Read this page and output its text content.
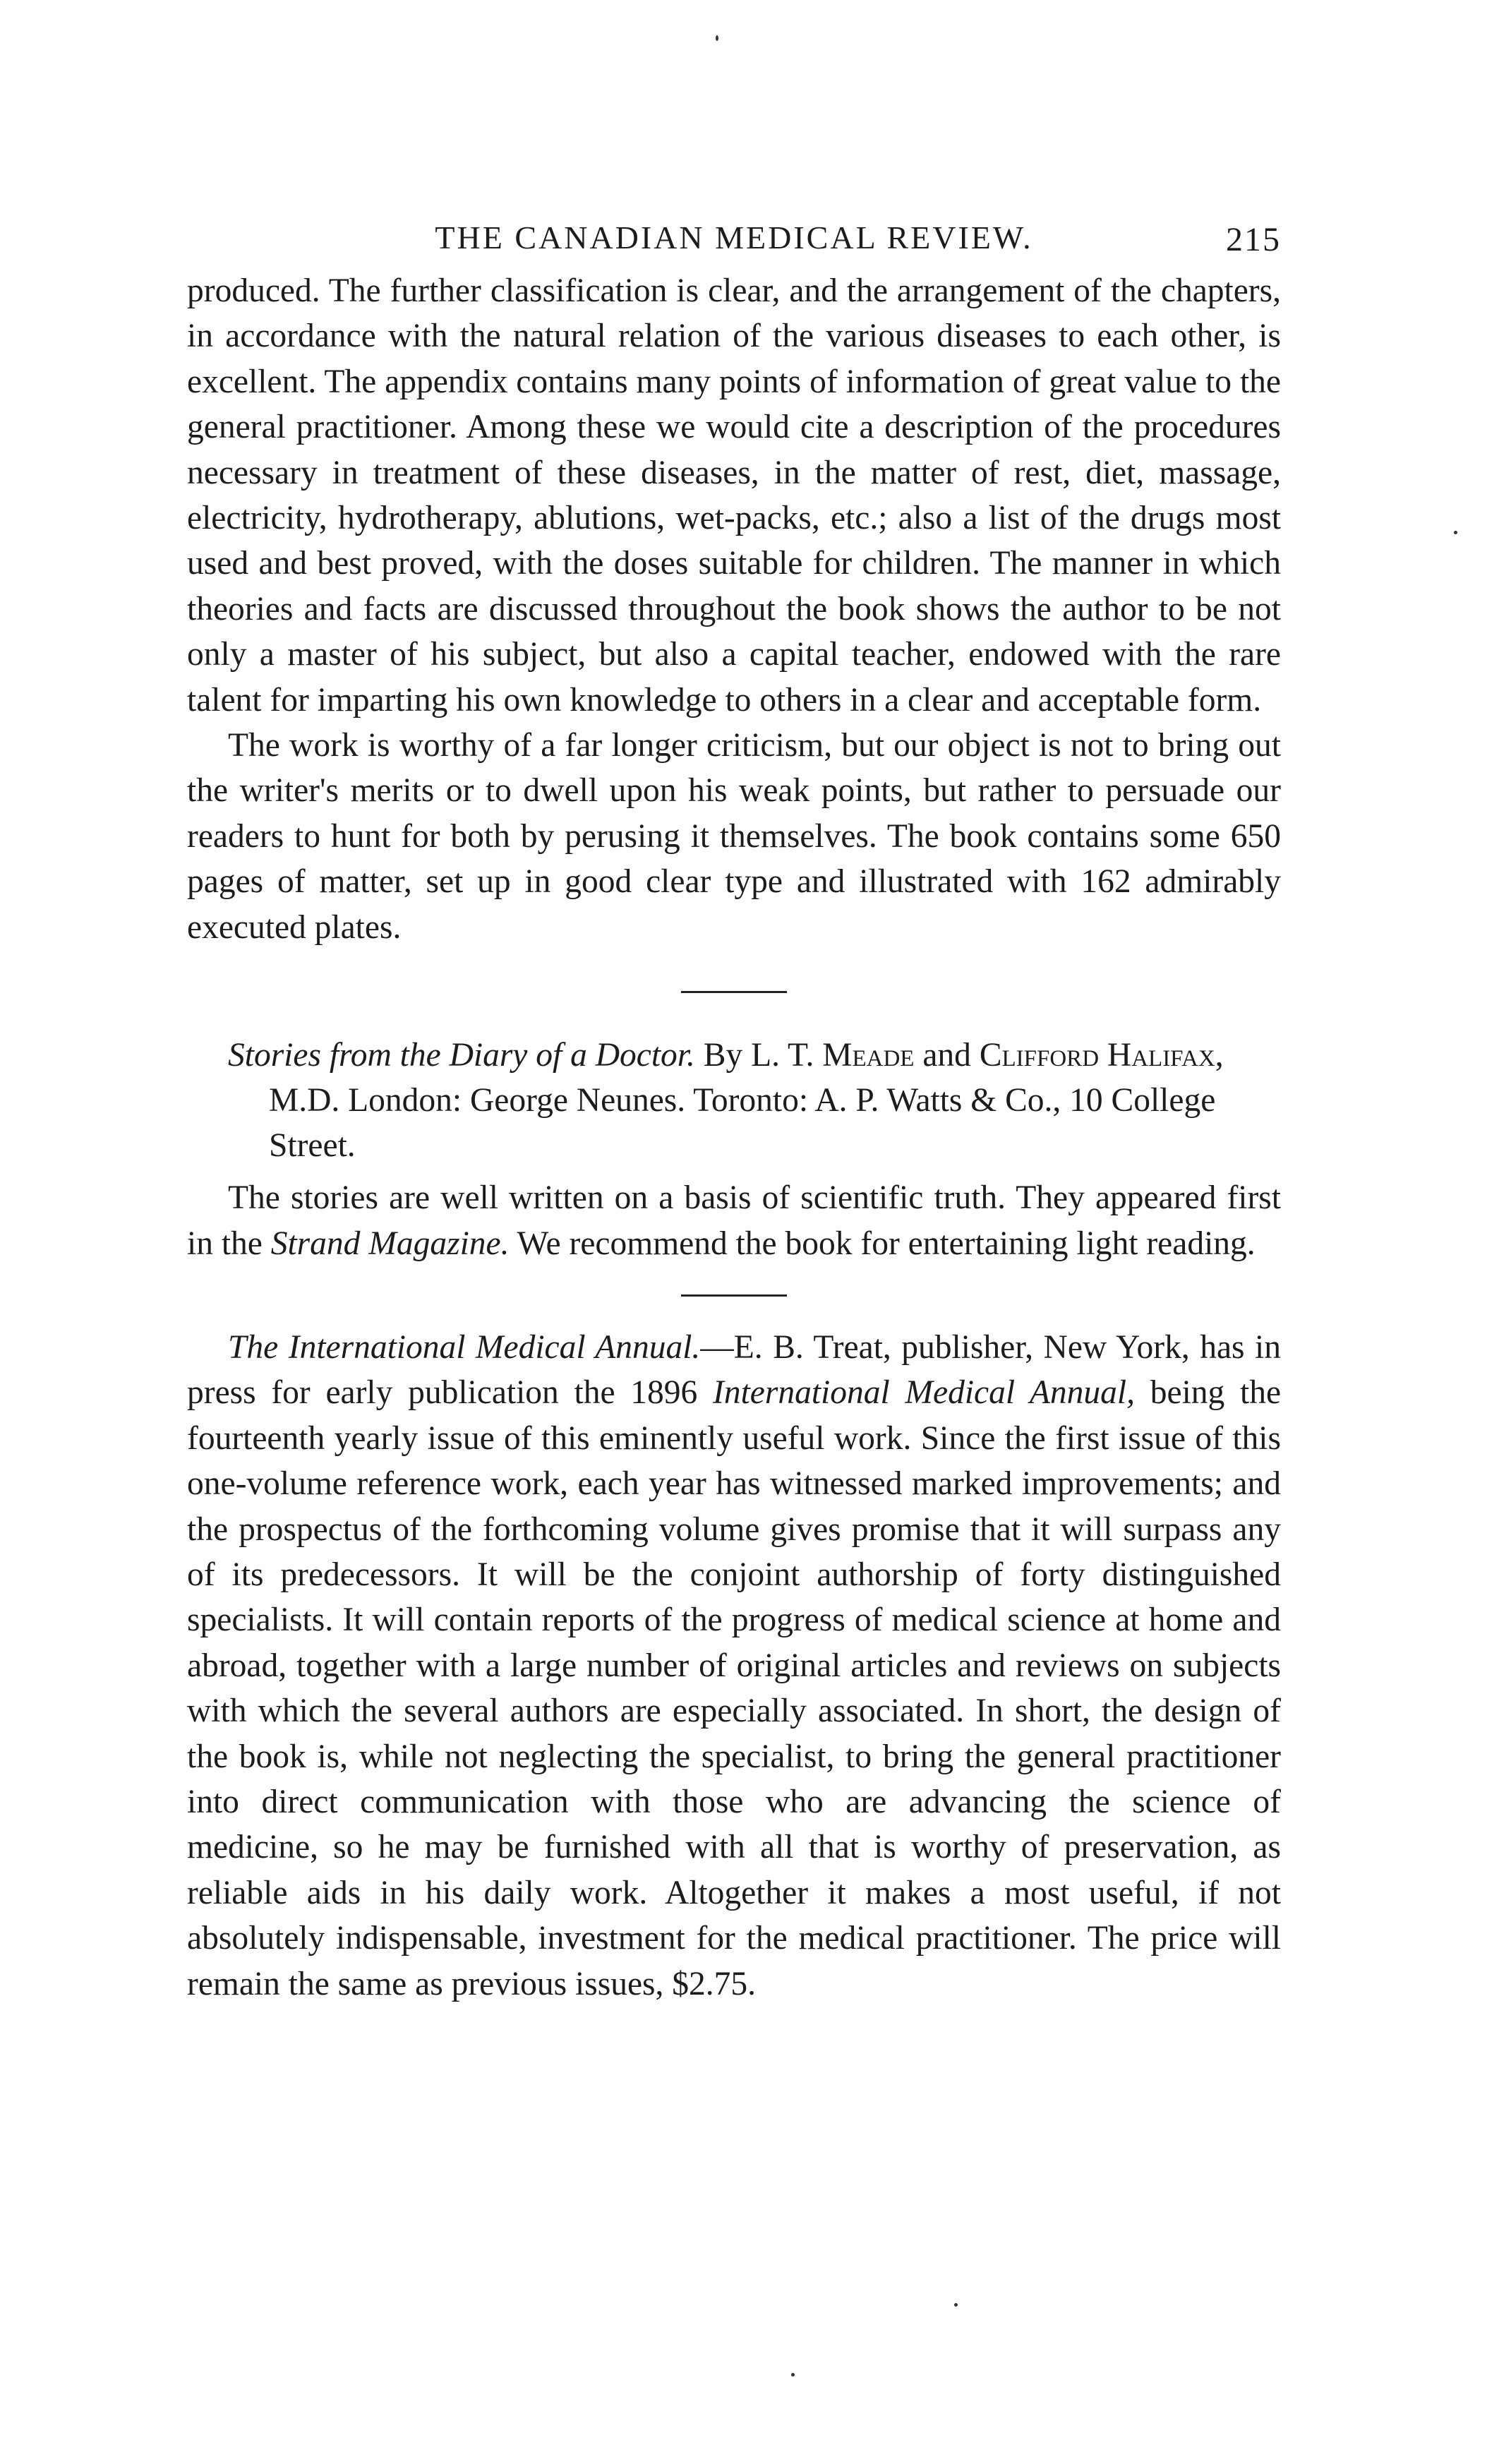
THE CANADIAN MEDICAL REVIEW.	215

produced. The further classification is clear, and the arrangement of the chapters, in accordance with the natural relation of the various diseases to each other, is excellent. The appendix contains many points of information of great value to the general practitioner. Among these we would cite a description of the procedures necessary in treatment of these diseases, in the matter of rest, diet, massage, electricity, hydrotherapy, ablutions, wet-packs, etc.; also a list of the drugs most used and best proved, with the doses suitable for children. The manner in which theories and facts are discussed throughout the book shows the author to be not only a master of his subject, but also a capital teacher, endowed with the rare talent for imparting his own knowledge to others in a clear and acceptable form.

The work is worthy of a far longer criticism, but our object is not to bring out the writer's merits or to dwell upon his weak points, but rather to persuade our readers to hunt for both by perusing it themselves. The book contains some 650 pages of matter, set up in good clear type and illustrated with 162 admirably executed plates.

Stories from the Diary of a Doctor. By L. T. Meade and Clifford Halifax, M.D. London: George Neunes. Toronto: A. P. Watts & Co., 10 College Street.

The stories are well written on a basis of scientific truth. They appeared first in the Strand Magazine. We recommend the book for entertaining light reading.

The International Medical Annual.—E. B. Treat, publisher, New York, has in press for early publication the 1896 International Medical Annual, being the fourteenth yearly issue of this eminently useful work. Since the first issue of this one-volume reference work, each year has witnessed marked improvements; and the prospectus of the forthcoming volume gives promise that it will surpass any of its predecessors. It will be the conjoint authorship of forty distinguished specialists. It will contain reports of the progress of medical science at home and abroad, together with a large number of original articles and reviews on subjects with which the several authors are especially associated. In short, the design of the book is, while not neglecting the specialist, to bring the general practitioner into direct communication with those who are advancing the science of medicine, so he may be furnished with all that is worthy of preservation, as reliable aids in his daily work. Altogether it makes a most useful, if not absolutely indispensable, investment for the medical practitioner. The price will remain the same as previous issues, $2.75.
